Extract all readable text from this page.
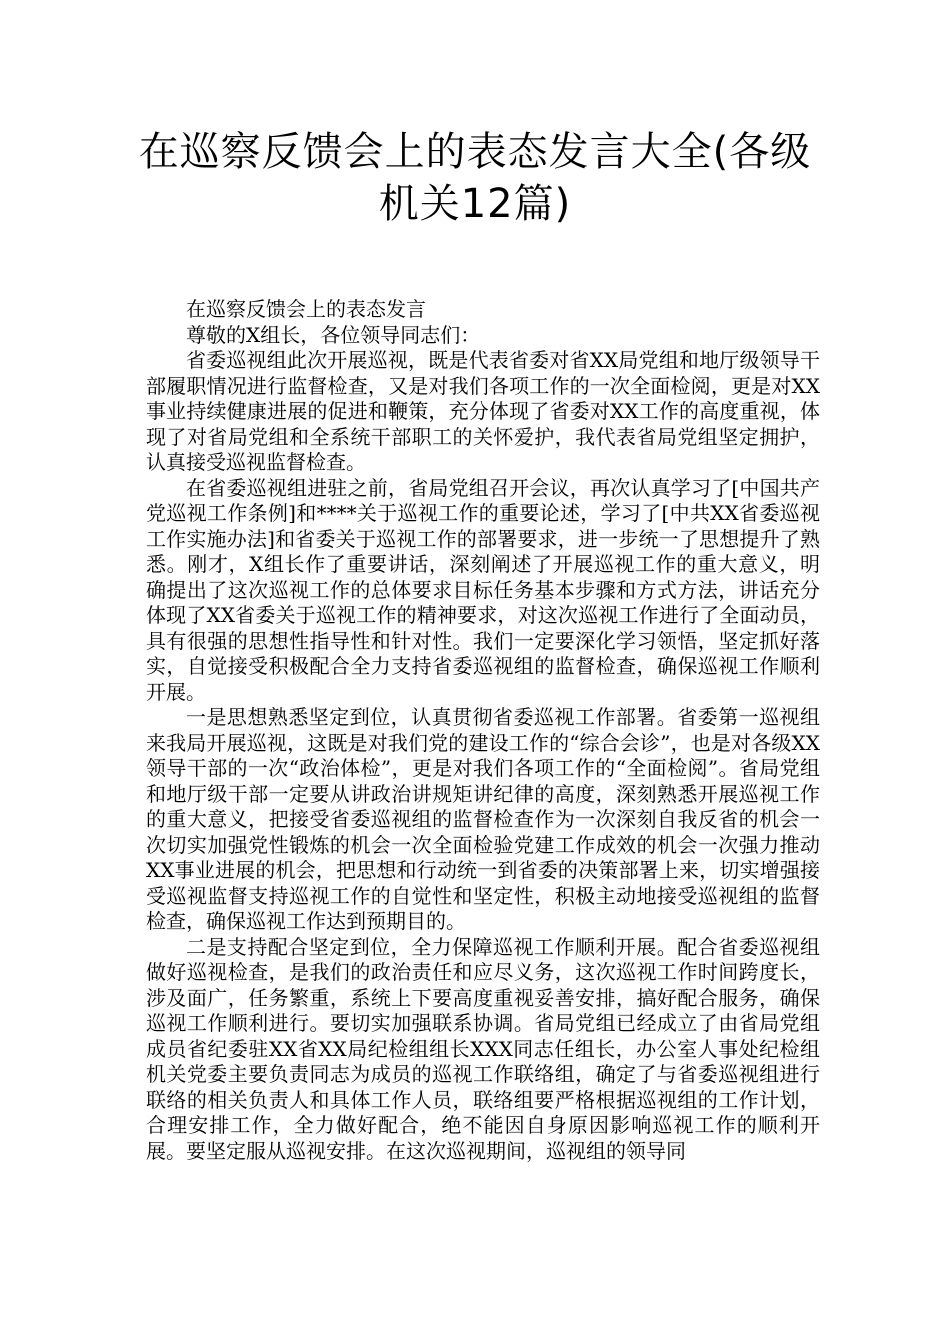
在巡察反馈会上的表态发言大全(各级机关12篇)

在巡察反馈会上的表态发言

尊敬的X组长，各位领导同志们：

省委巡视组此次开展巡视，既是代表省委对省XX局党组和地厅级领导干部履职情况进行监督检查，又是对我们各项工作的一次全面检阅，更是对XX事业持续健康进展的促进和鞭策，充分体现了省委对XX工作的高度重视，体现了对省局党组和全系统干部职工的关怀爱护，我代表省局党组坚定拥护，认真接受巡视监督检查。

在省委巡视组进驻之前，省局党组召开会议，再次认真学习了[中国共产党巡视工作条例]和****关于巡视工作的重要论述，学习了[中共XX省委巡视工作实施办法]和省委关于巡视工作的部署要求，进一步统一了思想提升了熟悉。刚才，X组长作了重要讲话，深刻阐述了开展巡视工作的重大意义，明确提出了这次巡视工作的总体要求目标任务基本步骤和方式方法，讲话充分体现了XX省委关于巡视工作的精神要求，对这次巡视工作进行了全面动员，具有很强的思想性指导性和针对性。我们一定要深化学习领悟，坚定抓好落实，自觉接受积极配合全力支持省委巡视组的监督检查，确保巡视工作顺利开展。

一是思想熟悉坚定到位，认真贯彻省委巡视工作部署。省委第一巡视组来我局开展巡视，这既是对我们党的建设工作的“综合会诊”，也是对各级XX领导干部的一次“政治体检”，更是对我们各项工作的“全面检阅”。省局党组和地厅级干部一定要从讲政治讲规矩讲纪律的高度，深刻熟悉开展巡视工作的重大意义，把接受省委巡视组的监督检查作为一次深刻自我反省的机会一次切实加强党性锻炼的机会一次全面检验党建工作成效的机会一次强力推动XX事业进展的机会，把思想和行动统一到省委的决策部署上来，切实增强接受巡视监督支持巡视工作的自觉性和坚定性，积极主动地接受巡视组的监督检查，确保巡视工作达到预期目的。

二是支持配合坚定到位，全力保障巡视工作顺利开展。配合省委巡视组做好巡视检查，是我们的政治责任和应尽义务，这次巡视工作时间跨度长，涉及面广，任务繁重，系统上下要高度重视妥善安排，搞好配合服务，确保巡视工作顺利进行。要切实加强联系协调。省局党组已经成立了由省局党组成员省纪委驻XX省XX局纪检组组长XXX同志任组长，办公室人事处纪检组机关党委主要负责同志为成员的巡视工作联络组，确定了与省委巡视组进行联络的相关负责人和具体工作人员，联络组要严格根据巡视组的工作计划，合理安排工作，全力做好配合，绝不能因自身原因影响巡视工作的顺利开展。要坚定服从巡视安排。在这次巡视期间，巡视组的领导同
